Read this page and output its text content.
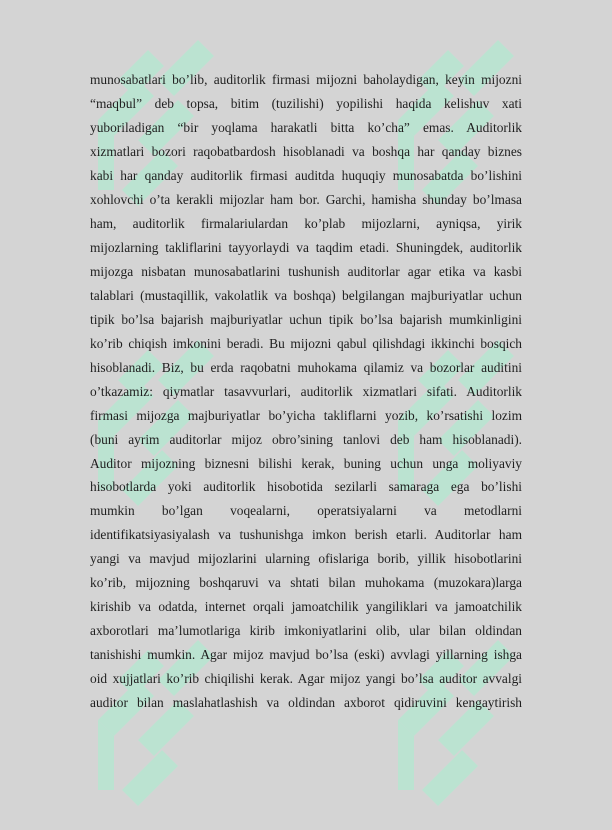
munosabatlari bo’lib, auditorlik firmasi mijozni baholaydigan, keyin mijozni
“maqbul” deb topsa, bitim (tuzilishi) yopilishi haqida kelishuv xati
yuboriladigan “bir yoqlama harakatli bitta ko’cha” emas. Auditorlik
xizmatlari bozori raqobatbardosh hisoblanadi va boshqa har qanday biznes
kabi har qanday auditorlik firmasi auditda huquqiy munosabatda bo’lishini
xohlovchi o’ta kerakli mijozlar ham bor. Garchi, hamisha shunday bo’lmasa
ham, auditorlik firmalariulardan ko’plab mijozlarni, ayniqsa, yirik
mijozlarning takliflarini tayyorlaydi va taqdim etadi. Shuningdek, auditorlik
mijozga nisbatan munosabatlarini tushunish auditorlar agar etika va kasbi
talablari (mustaqillik, vakolatlik va boshqa) belgilangan majburiyatlar uchun
tipik bo’lsa bajarish majburiyatlar uchun tipik bo’lsa bajarish mumkinligini
ko’rib chiqish imkonini beradi. Bu mijozni qabul qilishdagi ikkinchi bosqich
hisoblanadi. Biz, bu erda raqobatni muhokama qilamiz va bozorlar auditini
o’tkazamiz: qiymatlar tasavvurlari, auditorlik xizmatlari sifati. Auditorlik
firmasi mijozga majburiyatlar bo’yicha takliflarni yozib, ko’rsatishi lozim
(buni ayrim auditorlar mijoz obro’sining tanlovi deb ham hisoblanadi).
Auditor mijozning biznesni bilishi kerak, buning uchun unga moliyaviy
hisobotlarda yoki auditorlik hisobotida sezilarli samaraga ega bo’lishi
mumkin bo’lgan voqealarni, operatsiyalarni va metodlarni
identifikatsiyasiyalash va tushunishga imkon berish etarli. Auditorlar ham
yangi va mavjud mijozlarini ularning ofislariga borib, yillik hisobotlarini
ko’rib, mijozning boshqaruvi va shtati bilan muhokama (muzokara)larga
kirishib va odatda, internet orqali jamoatchilik yangiliklari va jamoatchilik
axborotlari ma’lumotlariga kirib imkoniyatlarini olib, ular bilan oldindan
tanishishi mumkin. Agar mijoz mavjud bo’lsa (eski) avvlagi yillarning ishga
oid xujjatlari ko’rib chiqilishi kerak. Agar mijoz yangi bo’lsa auditor avvalgi
auditor bilan maslahatlashish va oldindan axborot qidiruvini kengaytirish
